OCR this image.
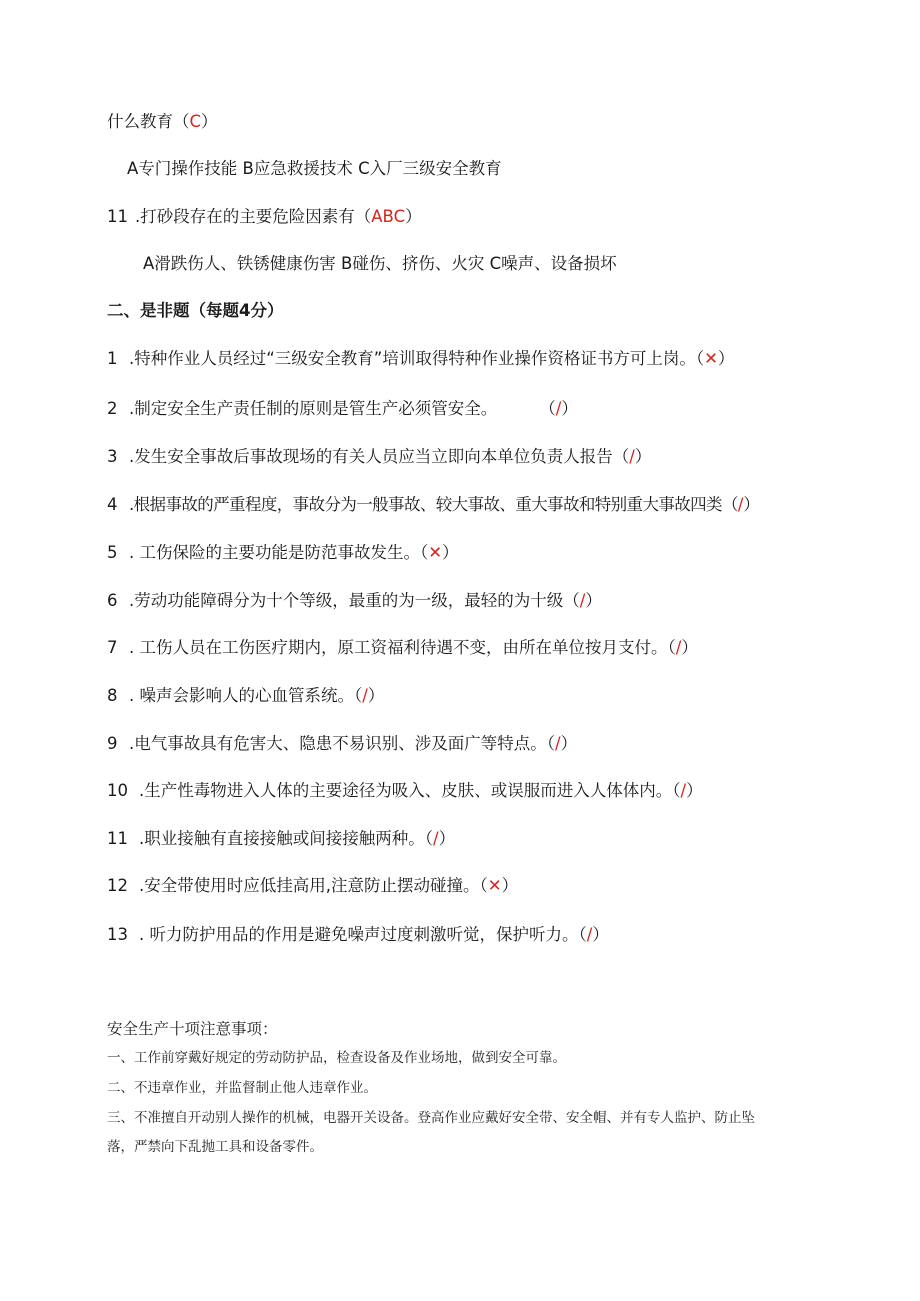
什么教育（C）
A专门操作技能 B应急救援技术 C入厂三级安全教育
11 .打砂段存在的主要危险因素有（ABC）
A滑跌伤人、铁锈健康伤害 B碰伤、挤伤、火灾 C噪声、设备损坏
二、是非题（每题4分）
1 .特种作业人员经过“三级安全教育”培训取得特种作业操作资格证书方可上岗。（✕）
2 .制定安全生产责任制的原则是管生产必须管安全。	（/）
3 .发生安全事故后事故现场的有关人员应当立即向本单位负责人报告（/）
4 .根据事故的严重程度，事故分为一般事故、较大事故、重大事故和特别重大事故四类（/）
5 . 工伤保险的主要功能是防范事故发生。（✕）
6 .劳动功能障碍分为十个等级，最重的为一级，最轻的为十级（/）
7 . 工伤人员在工伤医疗期内，原工资福利待遇不变，由所在单位按月支付。（/）
8 . 噪声会影响人的心血管系统。（/）
9 .电气事故具有危害大、隐患不易识别、涉及面广等特点。（/）
10 .生产性毒物进入人体的主要途径为吸入、皮肤、或误服而进入人体体内。（/）
11 .职业接触有直接接触或间接接触两种。（/）
12 .安全带使用时应低挂高用,注意防止摆动碰撞。（✕）
13 . 听力防护用品的作用是避免噪声过度刺激听觉，保护听力。（/）
安全生产十项注意事项：
一、工作前穿戴好规定的劳动防护品，检查设备及作业场地，做到安全可靠。
二、不违章作业，并监督制止他人违章作业。
三、不准擅自开动别人操作的机械，电器开关设备。登高作业应戴好安全带、安全帽、并有专人监护、防止坠
落，严禁向下乱抛工具和设备零件。
